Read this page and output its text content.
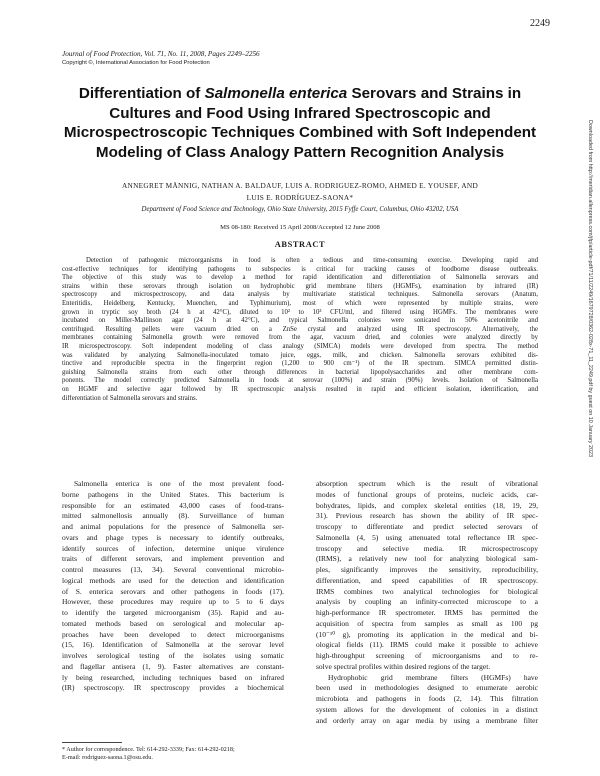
2249
Journal of Food Protection, Vol. 71, No. 11, 2008, Pages 2249–2256
Copyright ©, International Association for Food Protection
Differentiation of Salmonella enterica Serovars and Strains in
Cultures and Food Using Infrared Spectroscopic and
Microspectroscopic Techniques Combined with Soft Independent
Modeling of Class Analogy Pattern Recognition Analysis
ANNEGRET MÄNNIG, NATHAN A. BALDAUF, LUIS A. RODRIGUEZ-ROMO, AHMED E. YOUSEF, AND
LUIS E. RODRÍGUEZ-SAONA*
Department of Food Science and Technology, Ohio State University, 2015 Fyffe Court, Columbus, Ohio 43202, USA
MS 08-180: Received 15 April 2008/Accepted 12 June 2008
ABSTRACT
Detection of pathogenic microorganisms in food is often a tedious and time-consuming exercise. Developing rapid and
cost-effective techniques for identifying pathogens to subspecies is critical for tracking causes of foodborne disease outbreaks.
The objective of this study was to develop a method for rapid identification and differentiation of Salmonella serovars and
strains within these serovars through isolation on hydrophobic grid membrane filters (HGMFs), examination by infrared (IR)
spectroscopy and microspectroscopy, and data analysis by multivariate statistical techniques. Salmonella serovars (Anatum,
Enteritidis, Heidelberg, Kentucky, Muenchen, and Typhimurium), most of which were represented by multiple strains, were
grown in tryptic soy broth (24 h at 42°C), diluted to 10² to 10³ CFU/ml, and filtered using HGMFs. The membranes were
incubated on Miller-Mallinson agar (24 h at 42°C), and typical Salmonella colonies were sonicated in 50% acetonitrile and
centrifuged. Resulting pellets were vacuum dried on a ZnSe crystal and analyzed using IR spectroscopy. Alternatively, the
membranes containing Salmonella growth were removed from the agar, vacuum dried, and colonies were analyzed directly by
IR microspectroscopy. Soft independent modeling of class analogy (SIMCA) models were developed from spectra. The method
was validated by analyzing Salmonella-inoculated tomato juice, eggs, milk, and chicken. Salmonella serovars exhibited dis-
tinctive and reproducible spectra in the fingerprint region (1,200 to 900 cm⁻¹) of the IR spectrum. SIMCA permitted distin-
guishing Salmonella strains from each other through differences in bacterial lipopolysaccharides and other membrane com-
ponents. The model correctly predicted Salmonella in foods at serovar (100%) and strain (90%) levels. Isolation of Salmonella
on HGMF and selective agar followed by IR spectroscopic analysis resulted in rapid and efficient isolation, identification, and
differentiation of Salmonella serovars and strains.
Salmonella enterica is one of the most prevalent food-
borne pathogens in the United States. This bacterium is
responsible for an estimated 43,000 cases of food-trans-
mitted salmonellosis annually (8). Surveillance of human
and animal populations for the presence of Salmonella ser-
ovars and phage types is necessary to identify outbreaks,
identify sources of infection, determine unique virulence
traits of different serovars, and implement prevention and
control measures (13, 34). Several conventional microbio-
logical methods are used for the detection and identification
of S. enterica serovars and other pathogens in foods (17).
However, these procedures may require up to 5 to 6 days
to identify the targeted microorganism (35). Rapid and au-
tomated methods based on serological and molecular ap-
proaches have been developed to detect microorganisms
(15, 16). Identification of Salmonella at the serovar level
involves serological testing of the isolates using somatic
and flagellar antisera (1, 9). Faster alternatives are constant-
ly being researched, including techniques based on infrared
(IR) spectroscopy. IR spectroscopy provides a biochemical
absorption spectrum which is the result of vibrational
modes of functional groups of proteins, nucleic acids, car-
bohydrates, lipids, and complex skeletal entities (18, 19, 29,
31). Previous research has shown the ability of IR spec-
troscopy to differentiate and predict selected serovars of
Salmonella (4, 5) using attenuated total reflectance IR spec-
troscopy and selective media. IR microspectroscopy
(IRMS), a relatively new tool for analyzing biological sam-
ples, significantly improves the sensitivity, reproducibility,
differentiation, and speed capabilities of IR spectroscopy.
IRMS combines two analytical technologies for biological
analysis by coupling an infinity-corrected microscope to a
high-performance IR spectrometer. IRMS has permitted the
acquisition of spectra from samples as small as 100 pg
(10⁻¹⁰ g), promoting its application in the medical and bi-
ological fields (11). IRMS could make it possible to achieve
high-throughput screening of microorganisms and to re-
solve spectral profiles within desired regions of the target.
Hydrophobic grid membrane filters (HGMFs) have
been used in methodologies designed to enumerate aerobic
microbiota and pathogens in foods (2, 14). This filtration
system allows for the development of colonies in a distinct
and orderly array on agar media by using a membrane filter
* Author for correspondence. Tel: 614-292-3339; Fax: 614-292-0218;
E-mail: rodriguez-saona.1@osu.edu.
Downloaded from http://meridian.allenpress.com/jfp/article-pdf/71/11/2249/1679728/0362-028x-71_11_2249.pdf by guest on 10 January 2023
